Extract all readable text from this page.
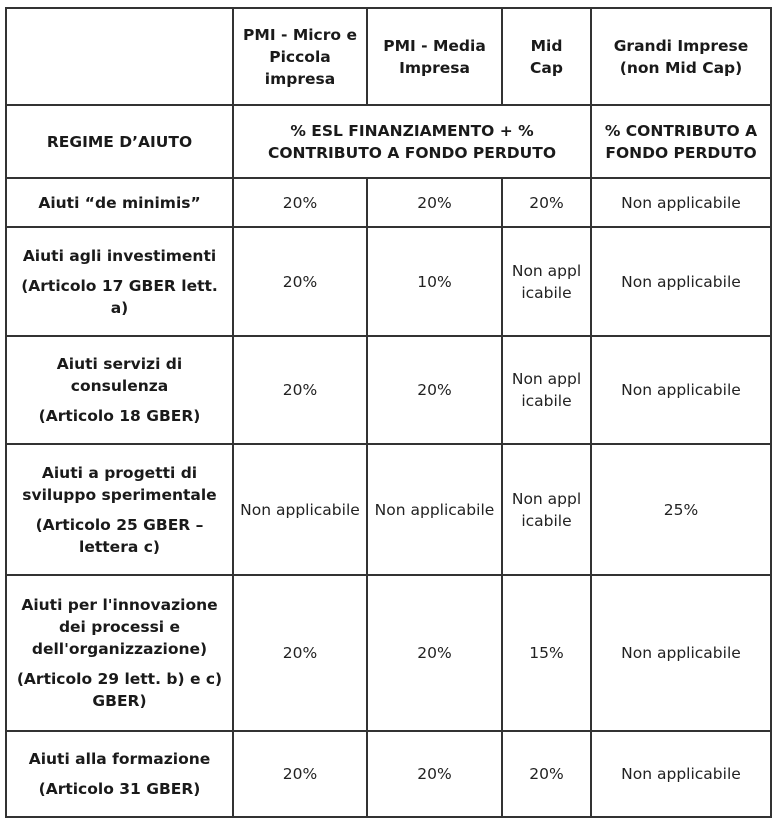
	PMI - Micro e Piccola impresa	PMI - Media Impresa	Mid Cap	Grandi Imprese (non Mid Cap)
REGIME D’AIUTO	% ESL FINANZIAMENTO + % CONTRIBUTO A FONDO PERDUTO			% CONTRIBUTO A FONDO PERDUTO
Aiuti “de minimis”	20%	20%	20%	Non applicabile
Aiuti agli investimenti
(Articolo 17 GBER lett. a)	20%	10%	Non applicabile	Non applicabile
Aiuti servizi di consulenza
(Articolo 18 GBER)	20%	20%	Non applicabile	Non applicabile
Aiuti a progetti di sviluppo sperimentale
(Articolo 25 GBER – lettera c)	Non applicabile	Non applicabile	Non applicabile	25%
Aiuti per l'innovazione dei processi e dell'organizzazione)
(Articolo 29 lett. b) e c) GBER)	20%	20%	15%	Non applicabile
Aiuti alla formazione
(Articolo 31 GBER)	20%	20%	20%	Non applicabile
